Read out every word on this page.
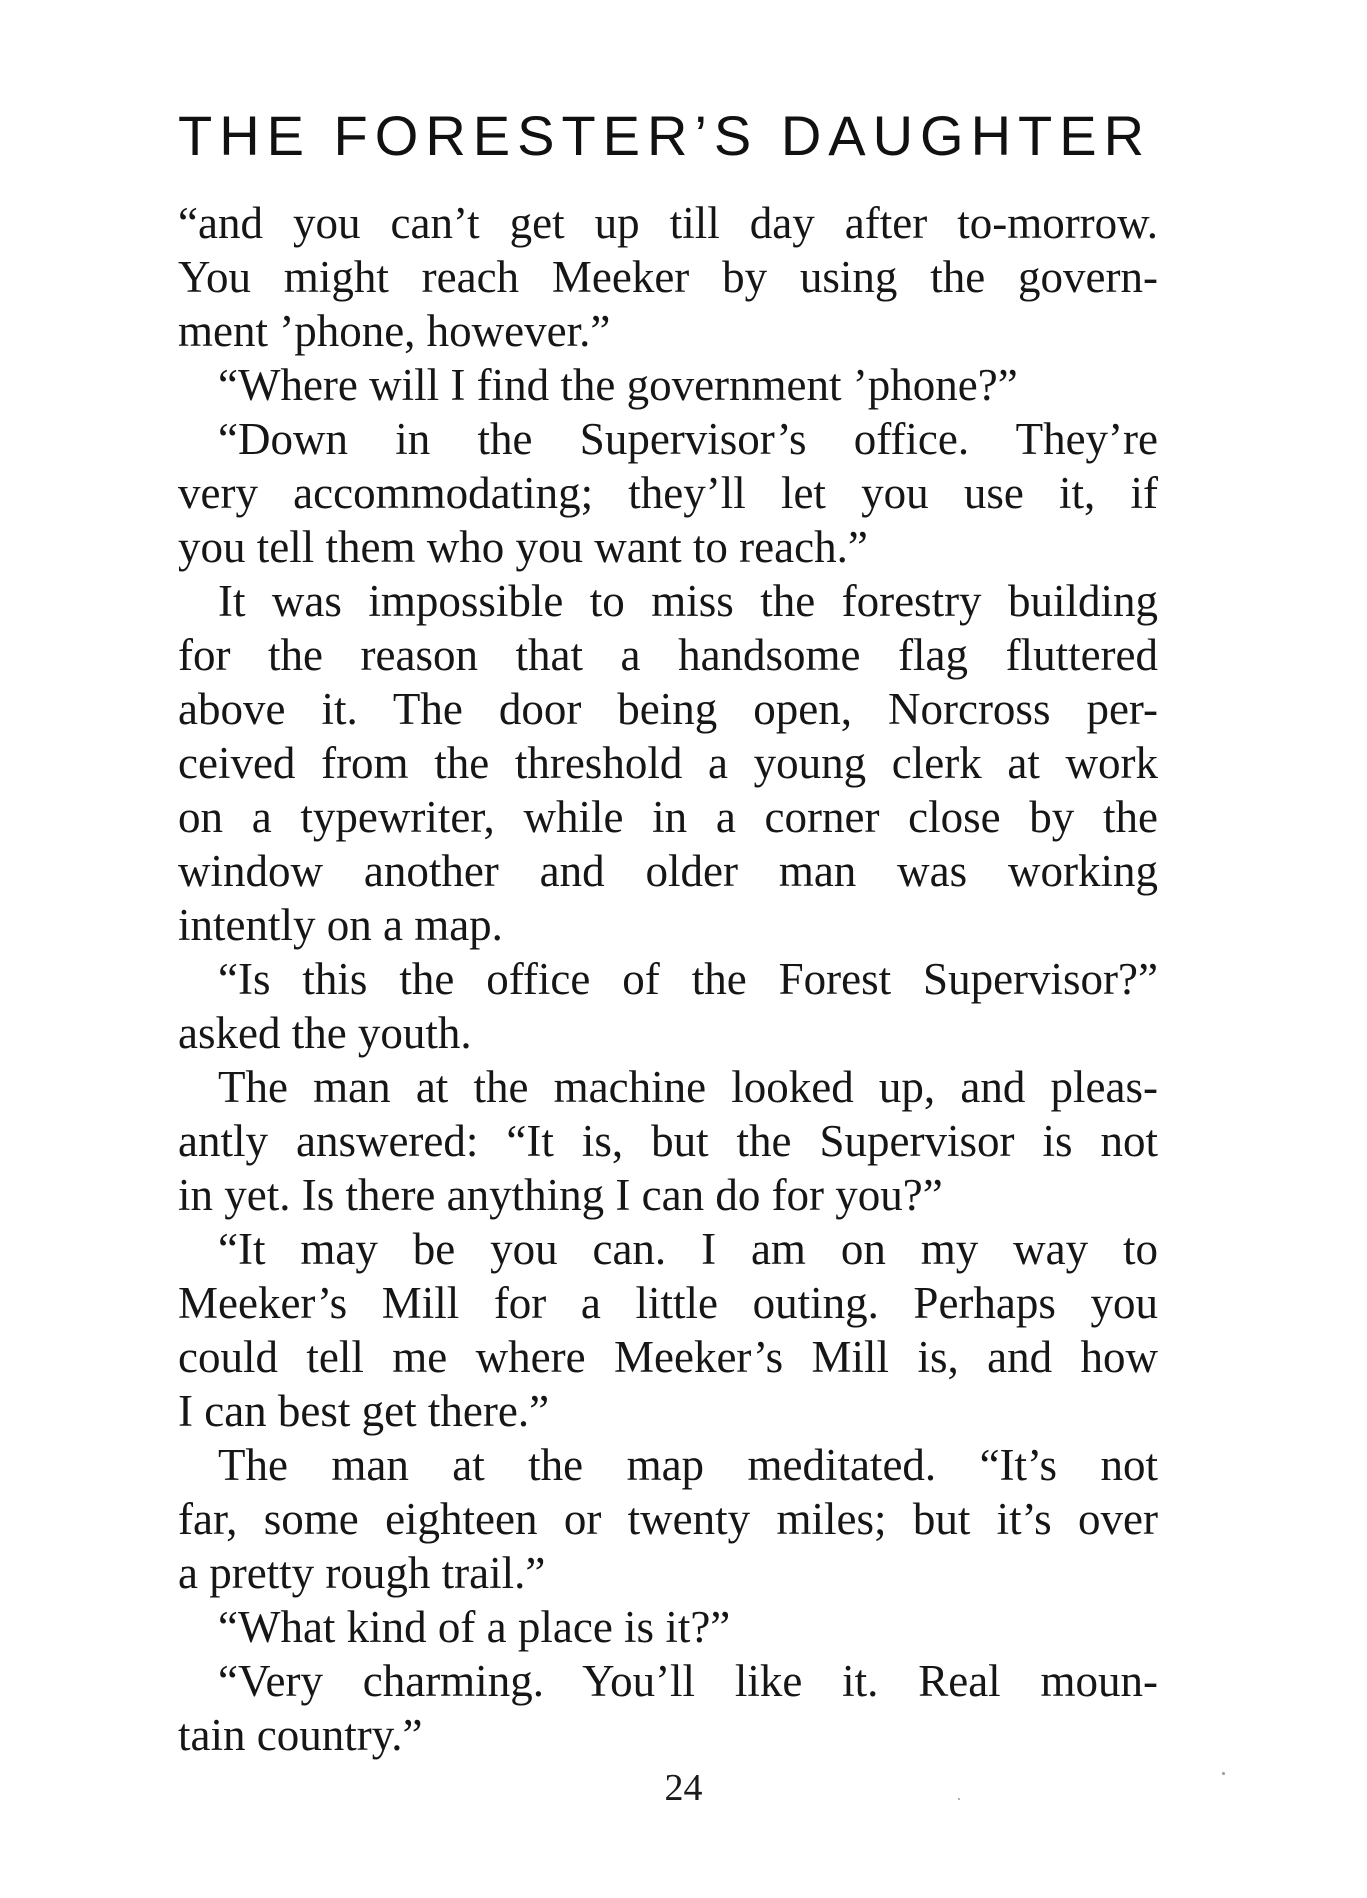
THE FORESTER’S DAUGHTER
“and you can’t get up till day after to-morrow.
You might reach Meeker by using the govern-
ment ’phone, however.”
“Where will I find the government ’phone?”
“Down in the Supervisor’s office. They’re
very accommodating; they’ll let you use it, if
you tell them who you want to reach.”
It was impossible to miss the forestry building
for the reason that a handsome flag fluttered
above it. The door being open, Norcross per-
ceived from the threshold a young clerk at work
on a typewriter, while in a corner close by the
window another and older man was working
intently on a map.
“Is this the office of the Forest Supervisor?”
asked the youth.
The man at the machine looked up, and pleas-
antly answered: “It is, but the Supervisor is not
in yet. Is there anything I can do for you?”
“It may be you can. I am on my way to
Meeker’s Mill for a little outing. Perhaps you
could tell me where Meeker’s Mill is, and how
I can best get there.”
The man at the map meditated. “It’s not
far, some eighteen or twenty miles; but it’s over
a pretty rough trail.”
“What kind of a place is it?”
“Very charming. You’ll like it. Real moun-
tain country.”
24
